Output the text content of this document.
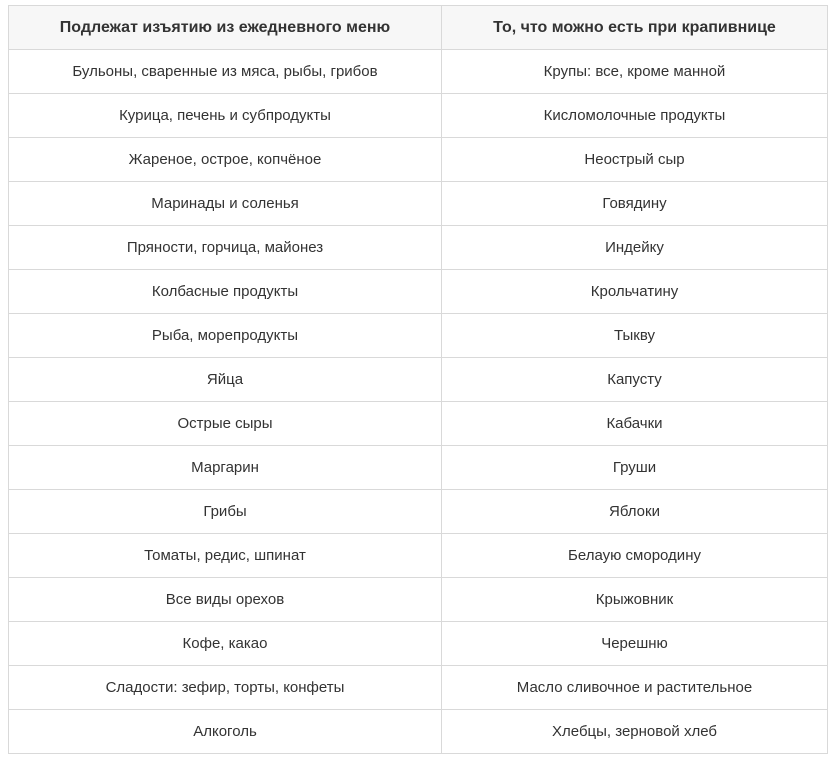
Подлежат изъятию из ежедневного меню	То, что можно есть при крапивнице
Бульоны, сваренные из мяса, рыбы, грибов	Крупы: все, кроме манной
Курица, печень и субпродукты	Кисломолочные продукты
Жареное, острое, копчёное	Неострый сыр
Маринады и соленья	Говядину
Пряности, горчица, майонез	Индейку
Колбасные продукты	Крольчатину
Рыба, морепродукты	Тыкву
Яйца	Капусту
Острые сыры	Кабачки
Маргарин	Груши
Грибы	Яблоки
Томаты, редис, шпинат	Белаую смородину
Все виды орехов	Крыжовник
Кофе, какао	Черешню
Сладости: зефир, торты, конфеты	Масло сливочное и растительное
Алкоголь	Хлебцы, зерновой хлеб
